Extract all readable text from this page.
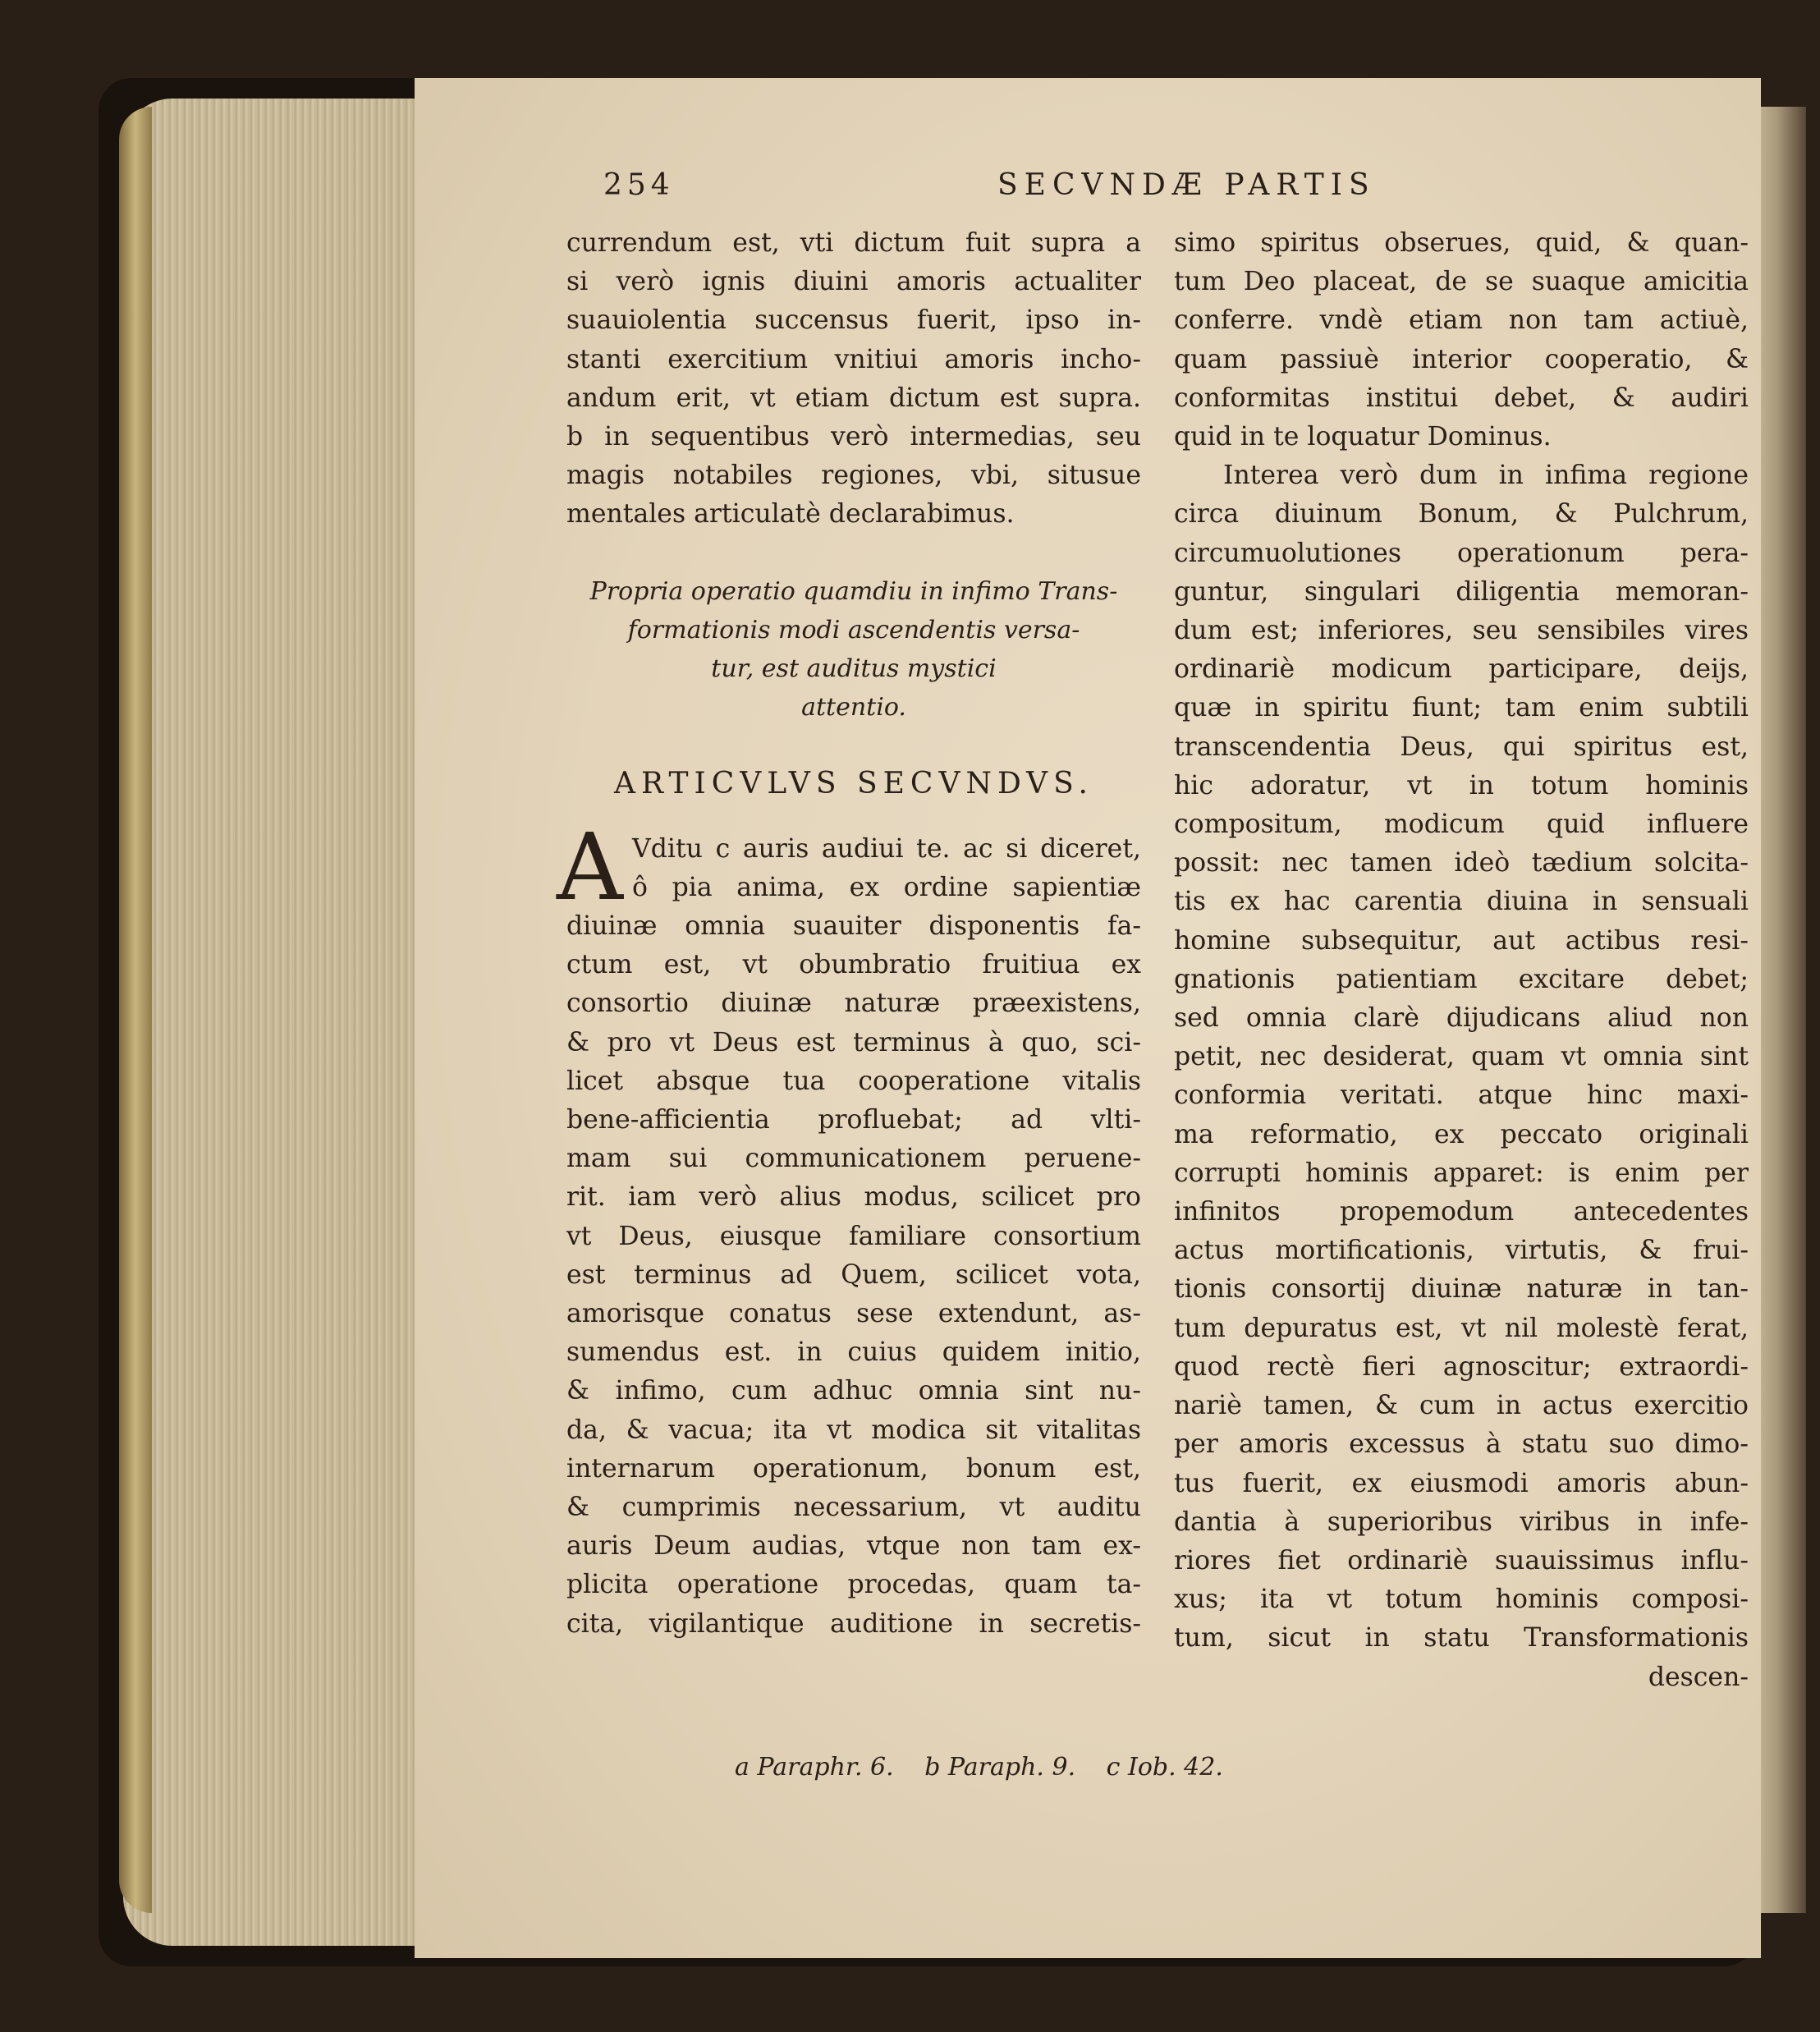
254	SECVNDÆ PARTIS
currendum est, vti dictum fuit supra a
si verò ignis diuini amoris actualiter
suauiolentia succensus fuerit, ipso in-
stanti exercitium vnitiui amoris incho-
andum erit, vt etiam dictum est supra.
b in sequentibus verò intermedias, seu
magis notabiles regiones, vbi, situsue
mentales articulatè declarabimus.
Propria operatio quamdiu in infimo Trans-
formationis modi ascendentis versa-
tur, est auditus mystici
attentio.
ARTICVLVS SECVNDVS.
A Vditu c auris audiui te. ac si diceret,
ô pia anima, ex ordine sapientiæ
diuinæ omnia suauiter disponentis fa-
ctum est, vt obumbratio fruitiua ex
consortio diuinæ naturæ præexistens,
& pro vt Deus est terminus à quo, sci-
licet absque tua cooperatione vitalis
bene-afficientia profluebat; ad vlti-
mam sui communicationem peruene-
rit. iam verò alius modus, scilicet pro
vt Deus, eiusque familiare consortium
est terminus ad Quem, scilicet vota,
amorisque conatus sese extendunt, as-
sumendus est. in cuius quidem initio,
& infimo, cum adhuc omnia sint nu-
da, & vacua; ita vt modica sit vitalitas
internarum operationum, bonum est,
& cumprimis necessarium, vt auditu
auris Deum audias, vtque non tam ex-
plicita operatione procedas, quam ta-
cita, vigilantique auditione in secretis-
simo spiritus obserues, quid, & quan-
tum Deo placeat, de se suaque amicitia
conferre. vndè etiam non tam actiuè,
quam passiuè interior cooperatio, &
conformitas institui debet, & audiri
quid in te loquatur Dominus.
Interea verò dum in infima regione
circa diuinum Bonum, & Pulchrum,
circumuolutiones operationum pera-
guntur, singulari diligentia memoran-
dum est; inferiores, seu sensibiles vires
ordinariè modicum participare, deijs,
quæ in spiritu fiunt; tam enim subtili
transcendentia Deus, qui spiritus est,
hic adoratur, vt in totum hominis
compositum, modicum quid influere
possit: nec tamen ideò tædium solcita-
tis ex hac carentia diuina in sensuali
homine subsequitur, aut actibus resi-
gnationis patientiam excitare debet;
sed omnia clarè dijudicans aliud non
petit, nec desiderat, quam vt omnia sint
conformia veritati. atque hinc maxi-
ma reformatio, ex peccato originali
corrupti hominis apparet: is enim per
infinitos propemodum antecedentes
actus mortificationis, virtutis, & frui-
tionis consortij diuinæ naturæ in tan-
tum depuratus est, vt nil molestè ferat,
quod rectè fieri agnoscitur; extraordi-
nariè tamen, & cum in actus exercitio
per amoris excessus à statu suo dimo-
tus fuerit, ex eiusmodi amoris abun-
dantia à superioribus viribus in infe-
riores fiet ordinariè suauissimus influ-
xus; ita vt totum hominis composi-
tum, sicut in statu Transformationis
descen-
a Paraphr. 6. b Paraph. 9. c Iob. 42.
